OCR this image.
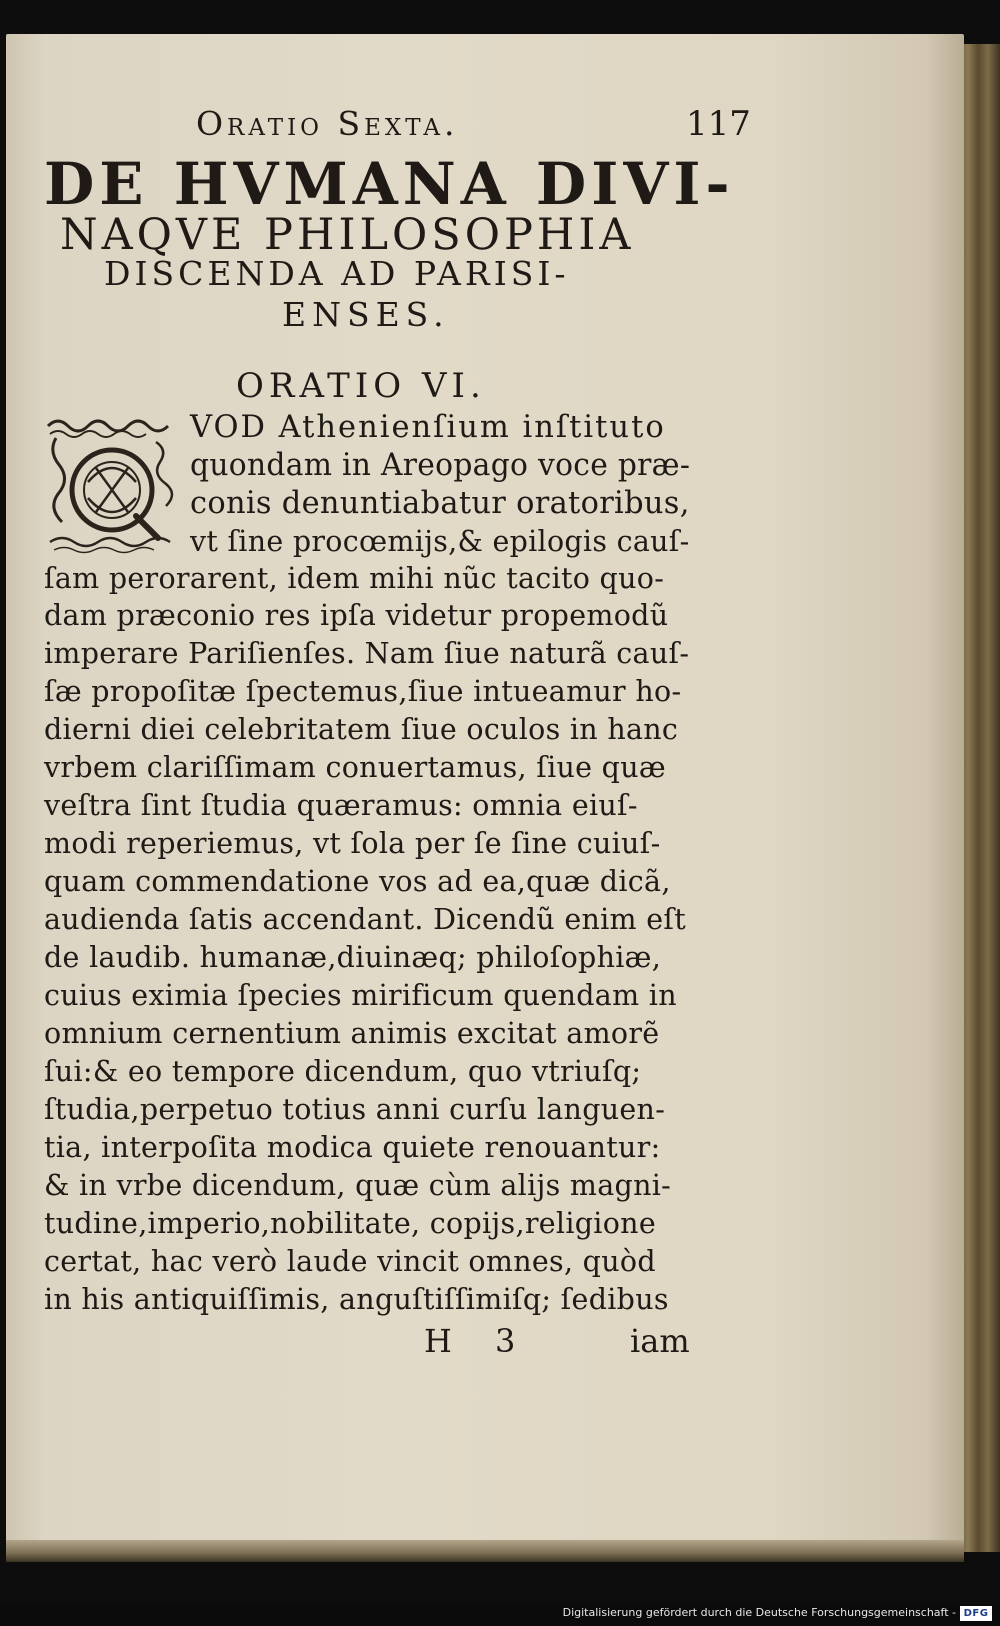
Oratio Sexta.	117
DE HVMANA DIVI-
NAQVE PHILOSOPHIA
DISCENDA AD PARISI-
ENSES.
ORATIO VI.
VOD Athenienſium inſtituto
quondam in Areopago voce præ-
conis denuntiabatur oratoribus,
vt ſine procœmijs,& epilogis cauſ-
ſam perorarent, idem mihi nũc tacito quo-
dam præconio res ipſa videtur propemodũ
imperare Pariſienſes. Nam ſiue naturã cauſ-
ſæ propoſitæ ſpectemus,ſiue intueamur ho-
dierni diei celebritatem ſiue oculos in hanc
vrbem clariſſimam conuertamus, ſiue quæ
veſtra ſint ſtudia quæramus: omnia eiuſ-
modi reperiemus, vt ſola per ſe ſine cuiuſ-
quam commendatione vos ad ea,quæ dicã,
audienda ſatis accendant. Dicendũ enim eſt
de laudib. humanæ,diuinæq; philoſophiæ,
cuius eximia ſpecies mirificum quendam in
omnium cernentium animis excitat amorẽ
ſui:& eo tempore dicendum, quo vtriuſq;
ſtudia,perpetuo totius anni curſu languen-
tia, interpoſita modica quiete renouantur:
& in vrbe dicendum, quæ cùm alijs magni-
tudine,imperio,nobilitate, copijs,religione
certat, hac verò laude vincit omnes, quòd
in his antiquiſſimis, anguſtiſſimiſq; ſedibus
H 3	iam
Digitalisierung gefördert durch die Deutsche Forschungsgemeinschaft - DFG
